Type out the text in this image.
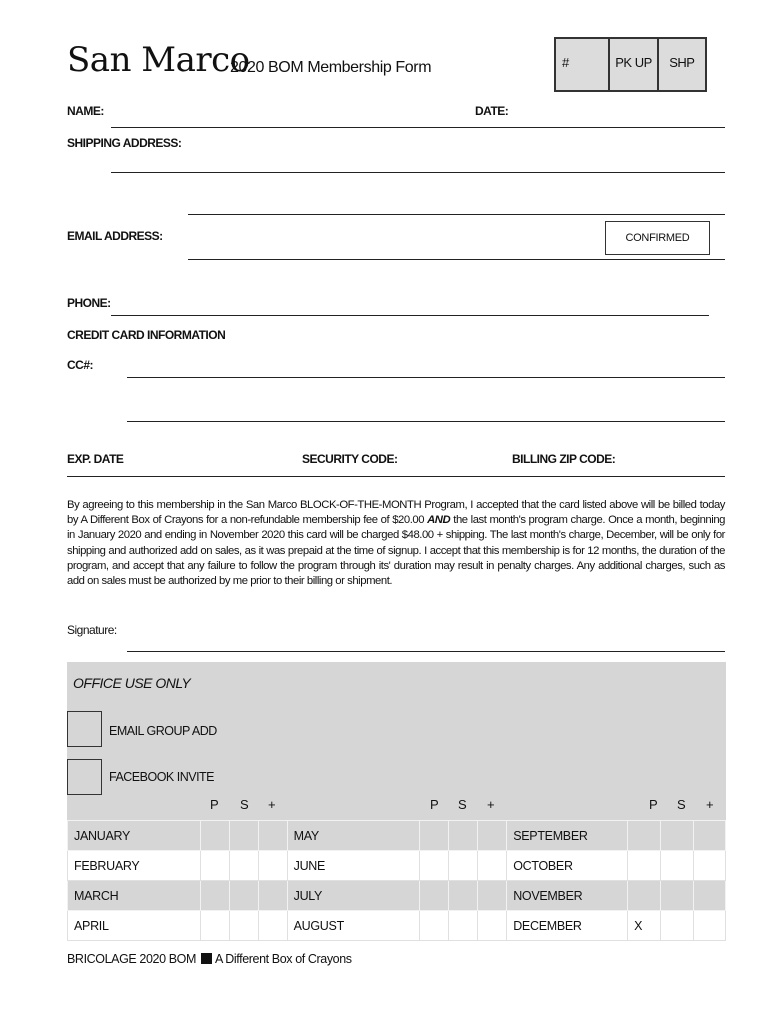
San Marco
2020 BOM Membership Form	#	PK UP	SHP
NAME:	DATE:
SHIPPING ADDRESS:
EMAIL ADDRESS:	CONFIRMED
PHONE:
CREDIT CARD INFORMATION
CC#:
EXP. DATE	SECURITY CODE:	BILLING ZIP CODE:
By agreeing to this membership in the San Marco BLOCK-OF-THE-MONTH Program, I accepted that the card listed above will be billed today by A Different Box of Crayons for a non-refundable membership fee of $20.00 AND the last month's program charge. Once a month, beginning in January 2020 and ending in November 2020 this card will be charged $48.00 + shipping. The last month's charge, December, will be only for shipping and authorized add on sales, as it was prepaid at the time of signup. I accept that this membership is for 12 months, the duration of the program, and accept that any failure to follow the program through its' duration may result in penalty charges. Any additional charges, such as add on sales must be authorized by me prior to their billing or shipment.
Signature:
OFFICE USE ONLY
EMAIL GROUP ADD
FACEBOOK INVITE
P S +	P S +	P S +
JANUARY				MAY				SEPTEMBER			
FEBRUARY				JUNE				OCTOBER			
MARCH				JULY				NOVEMBER			
APRIL				AUGUST				DECEMBER	X		
BRICOLAGE 2020 BOM A Different Box of Crayons
